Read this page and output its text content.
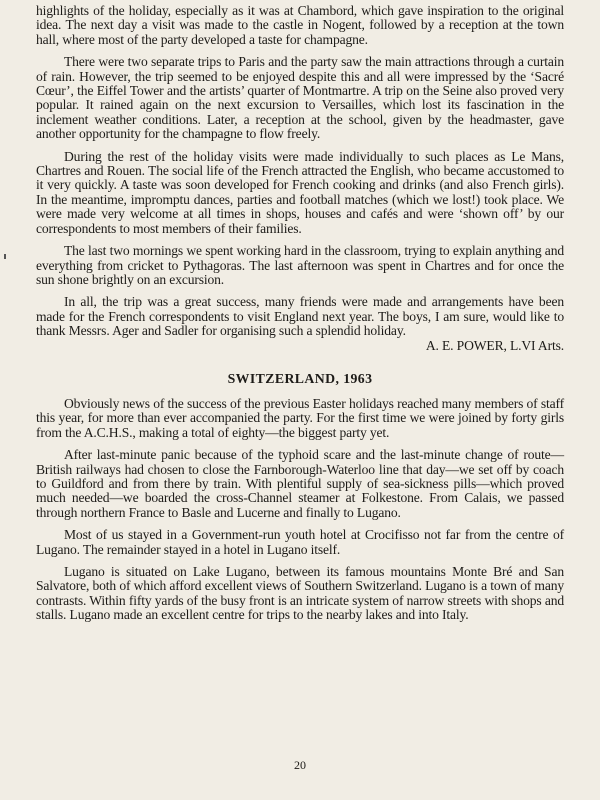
highlights of the holiday, especially as it was at Chambord, which gave inspiration to the original idea. The next day a visit was made to the castle in Nogent, followed by a reception at the town hall, where most of the party developed a taste for champagne.

There were two separate trips to Paris and the party saw the main attractions through a curtain of rain. However, the trip seemed to be enjoyed despite this and all were impressed by the ‘Sacré Cœur’, the Eiffel Tower and the artists’ quarter of Montmartre. A trip on the Seine also proved very popular. It rained again on the next excursion to Versailles, which lost its fascination in the inclement weather conditions. Later, a reception at the school, given by the headmaster, gave another opportunity for the champagne to flow freely.

During the rest of the holiday visits were made individually to such places as Le Mans, Chartres and Rouen. The social life of the French attracted the English, who became accustomed to it very quickly. A taste was soon developed for French cooking and drinks (and also French girls). In the meantime, impromptu dances, parties and football matches (which we lost!) took place. We were made very welcome at all times in shops, houses and cafés and were ‘shown off’ by our correspondents to most members of their families.

The last two mornings we spent working hard in the classroom, trying to explain anything and everything from cricket to Pythagoras. The last afternoon was spent in Chartres and for once the sun shone brightly on an excursion.

In all, the trip was a great success, many friends were made and arrangements have been made for the French correspondents to visit England next year. The boys, I am sure, would like to thank Messrs. Ager and Sadler for organising such a splendid holiday.
A. E. POWER, L.VI Arts.

SWITZERLAND, 1963

Obviously news of the success of the previous Easter holidays reached many members of staff this year, for more than ever accompanied the party. For the first time we were joined by forty girls from the A.C.H.S., making a total of eighty—the biggest party yet.

After last-minute panic because of the typhoid scare and the last-minute change of route—British railways had chosen to close the Farnborough-Waterloo line that day—we set off by coach to Guildford and from there by train. With plentiful supply of sea-sickness pills—which proved much needed—we boarded the cross-Channel steamer at Folkestone. From Calais, we passed through northern France to Basle and Lucerne and finally to Lugano.

Most of us stayed in a Government-run youth hotel at Crocifisso not far from the centre of Lugano. The remainder stayed in a hotel in Lugano itself.

Lugano is situated on Lake Lugano, between its famous mountains Monte Bré and San Salvatore, both of which afford excellent views of Southern Switzerland. Lugano is a town of many contrasts. Within fifty yards of the busy front is an intricate system of narrow streets with shops and stalls. Lugano made an excellent centre for trips to the nearby lakes and into Italy.

20
